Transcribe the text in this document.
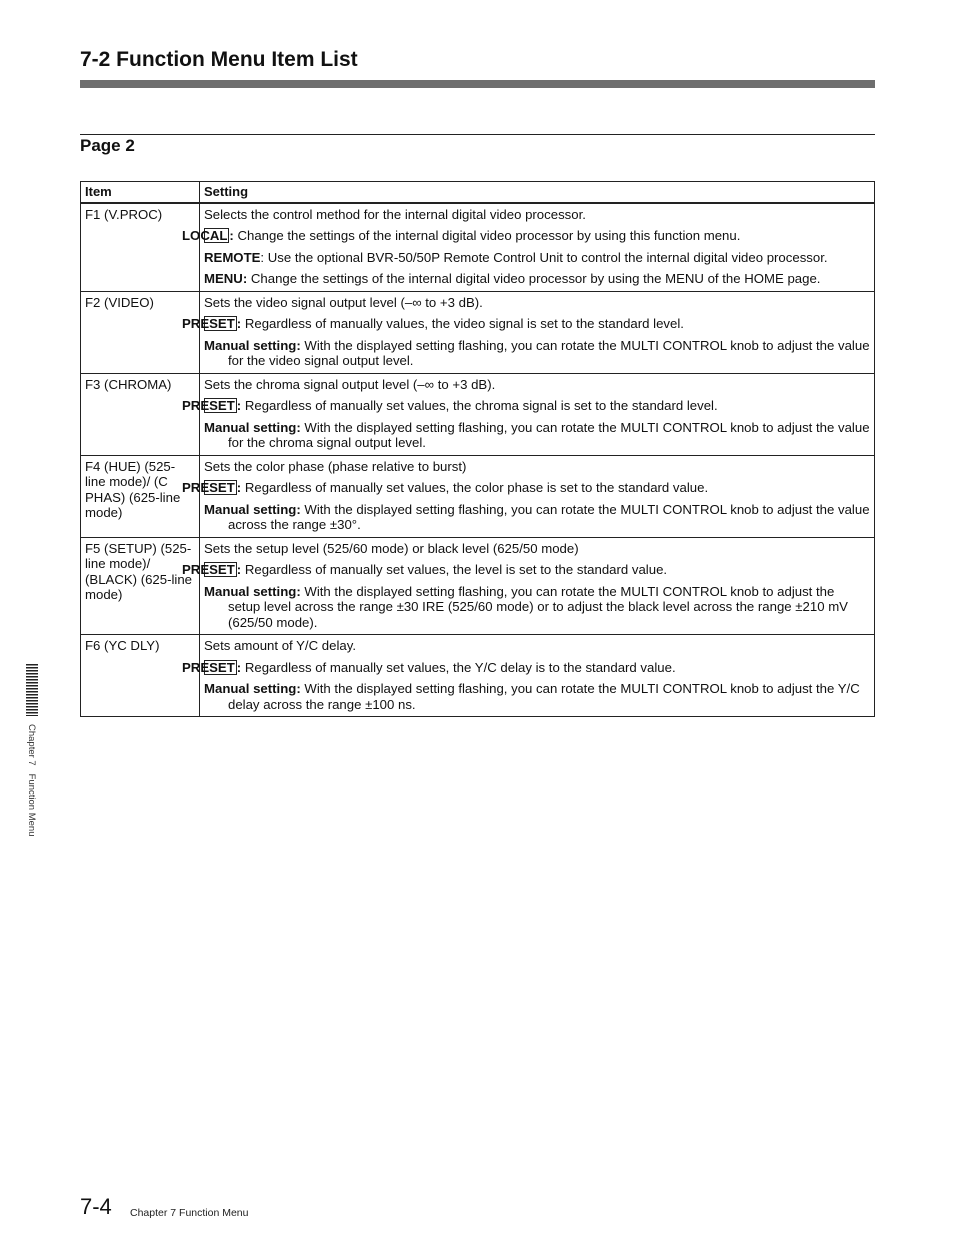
7-2 Function Menu Item List
Page 2
Item	Setting
F1 (V.PROC)	Selects the control method for the internal digital video processor.
LOCAL : Change the settings of the internal digital video processor by using this function menu.
REMOTE: Use the optional BVR-50/50P Remote Control Unit to control the internal digital video processor.
MENU: Change the settings of the internal digital video processor by using the MENU of the HOME page.

F2 (VIDEO)	Sets the video signal output level (–∞ to +3 dB).
PRESET : Regardless of manually values, the video signal is set to the standard level.
Manual setting: With the displayed setting flashing, you can rotate the MULTI CONTROL knob to adjust the value for the video signal output level.

F3 (CHROMA)	Sets the chroma signal output level (–∞ to +3 dB).
PRESET : Regardless of manually set values, the chroma signal is set to the standard level.
Manual setting: With the displayed setting flashing, you can rotate the MULTI CONTROL knob to adjust the value for the chroma signal output level.

F4 (HUE) (525-line mode)/ (C PHAS) (625-line mode)	Sets the color phase (phase relative to burst)
PRESET : Regardless of manually set values, the color phase is set to the standard value.
Manual setting: With the displayed setting flashing, you can rotate the MULTI CONTROL knob to adjust the value across the range ±30°.

F5 (SETUP) (525-line mode)/ (BLACK) (625-line mode)	Sets the setup level (525/60 mode) or black level (625/50 mode)
PRESET : Regardless of manually set values, the level is set to the standard value.
Manual setting: With the displayed setting flashing, you can rotate the MULTI CONTROL knob to adjust the setup level across the range ±30 IRE (525/60 mode) or to adjust the black level across the range ±210 mV (625/50 mode).

F6 (YC DLY)	Sets amount of Y/C delay.
PRESET : Regardless of manually set values, the Y/C delay is to the standard value.
Manual setting: With the displayed setting flashing, you can rotate the MULTI CONTROL knob to adjust the Y/C delay across the range ±100 ns.
Chapter 7   Function Menu
7-4 Chapter 7 Function Menu
